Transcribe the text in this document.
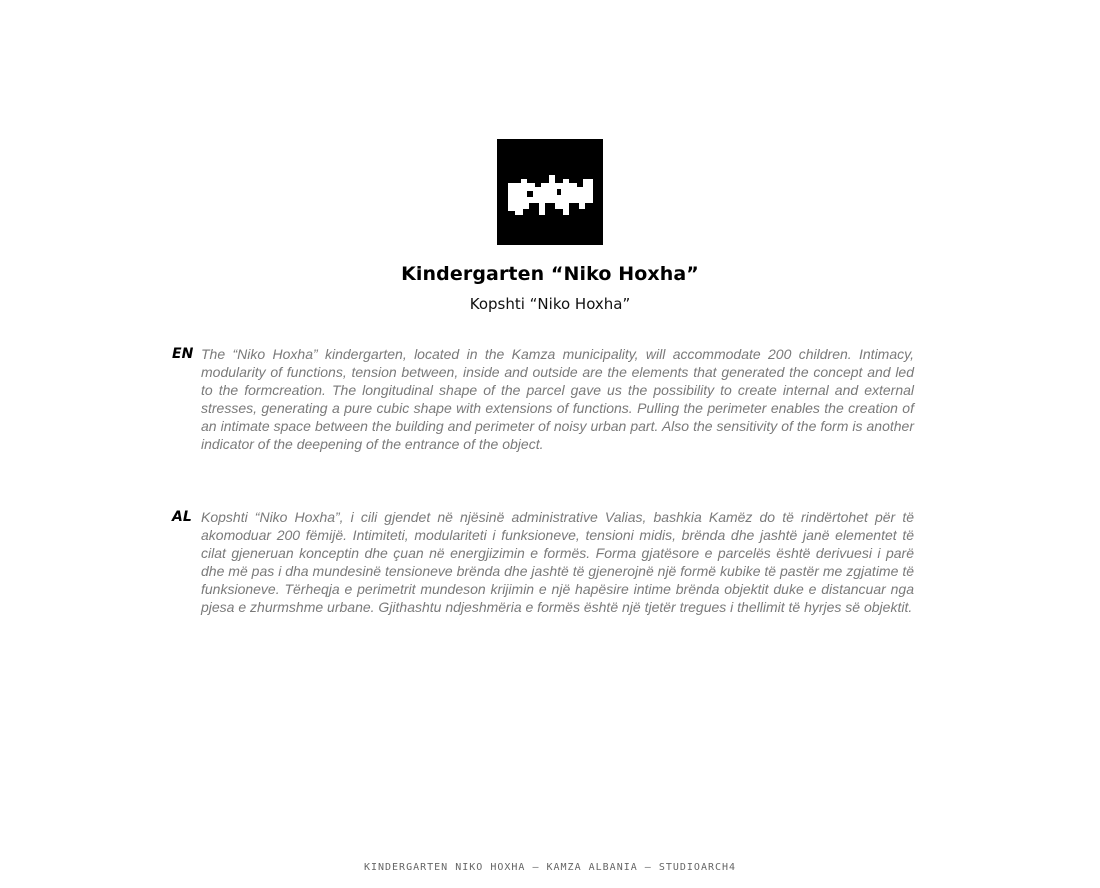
Kindergarten “Niko Hoxha”
Kopshti “Niko Hoxha”
EN The “Niko Hoxha” kindergarten, located in the Kamza municipality, will accommodate 200 children. Intimacy, modularity of functions, tension between, inside and outside are the elements that generated the concept and led to the formcreation. The longitudinal shape of the parcel gave us the possibility to create internal and external stresses, generating a pure cubic shape with extensions of functions. Pulling the perimeter enables the creation of an intimate space between the building and perimeter of noisy urban part. Also the sensitivity of the form is another indicator of the deepening of the entrance of the object.

AL Kopshti “Niko Hoxha”, i cili gjendet në njësinë administrative Valias, bashkia Kamëz do të rindërtohet për të akomoduar 200 fëmijë. Intimiteti, modulariteti i funksioneve, tensioni midis, brënda dhe jashtë janë elementet të cilat gjeneruan konceptin dhe çuan në energjizimin e formës. Forma gjatësore e parcelës është derivuesi i parë dhe më pas i dha mundesinë tensioneve brënda dhe jashtë të gjenerojnë një formë kubike të pastër me zgjatime të funksioneve. Tërheqja e perimetrit mundeson krijimin e një hapësire intime brënda objektit duke e distancuar nga pjesa e zhurmshme urbane. Gjithashtu ndjeshmëria e formës është një tjetër tregues i thellimit të hyrjes së objektit.

KINDERGARTEN NIKO HOXHA – KAMZA ALBANIA – STUDIOARCH4
